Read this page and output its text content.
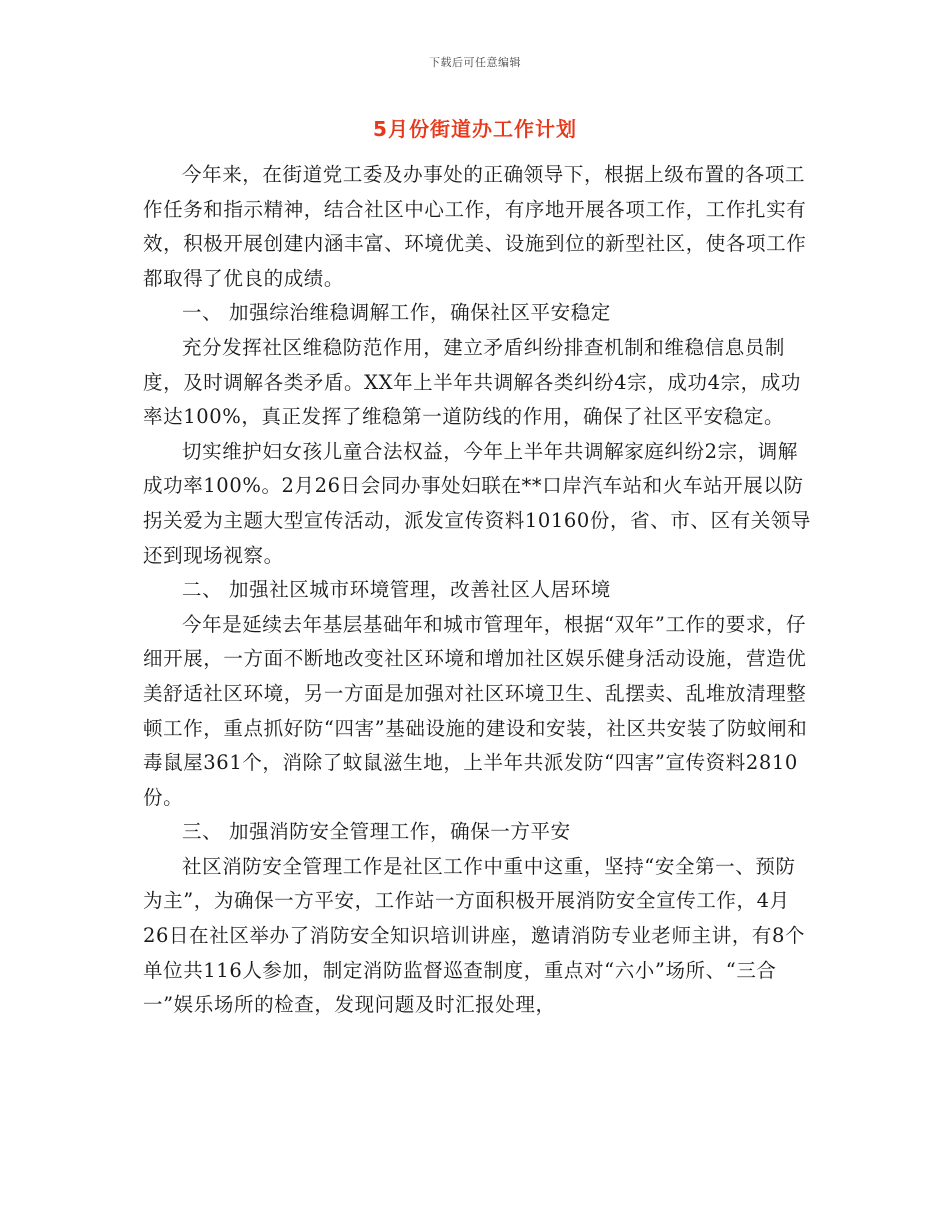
下载后可任意编辑
5月份街道办工作计划

今年来，在街道党工委及办事处的正确领导下，根据上级布置的各项工作任务和指示精神，结合社区中心工作，有序地开展各项工作，工作扎实有效，积极开展创建内涵丰富、环境优美、设施到位的新型社区，使各项工作都取得了优良的成绩。

一、 加强综治维稳调解工作，确保社区平安稳定

充分发挥社区维稳防范作用，建立矛盾纠纷排查机制和维稳信息员制度，及时调解各类矛盾。XX年上半年共调解各类纠纷4宗，成功4宗，成功率达100%，真正发挥了维稳第一道防线的作用，确保了社区平安稳定。

切实维护妇女孩儿童合法权益，今年上半年共调解家庭纠纷2宗，调解成功率100%。2月26日会同办事处妇联在**口岸汽车站和火车站开展以防拐关爱为主题大型宣传活动，派发宣传资料10160份，省、市、区有关领导还到现场视察。

二、 加强社区城市环境管理，改善社区人居环境

今年是延续去年基层基础年和城市管理年，根据“双年”工作的要求，仔细开展，一方面不断地改变社区环境和增加社区娱乐健身活动设施，营造优美舒适社区环境，另一方面是加强对社区环境卫生、乱摆卖、乱堆放清理整顿工作，重点抓好防“四害”基础设施的建设和安装，社区共安装了防蚊闸和毒鼠屋361个，消除了蚊鼠滋生地，上半年共派发防“四害”宣传资料2810份。

三、 加强消防安全管理工作，确保一方平安

社区消防安全管理工作是社区工作中重中这重，坚持“安全第一、预防为主”，为确保一方平安，工作站一方面积极开展消防安全宣传工作，4月26日在社区举办了消防安全知识培训讲座，邀请消防专业老师主讲，有8个单位共116人参加，制定消防监督巡查制度，重点对“六小”场所、“三合一”娱乐场所的检查，发现问题及时汇报处理，
